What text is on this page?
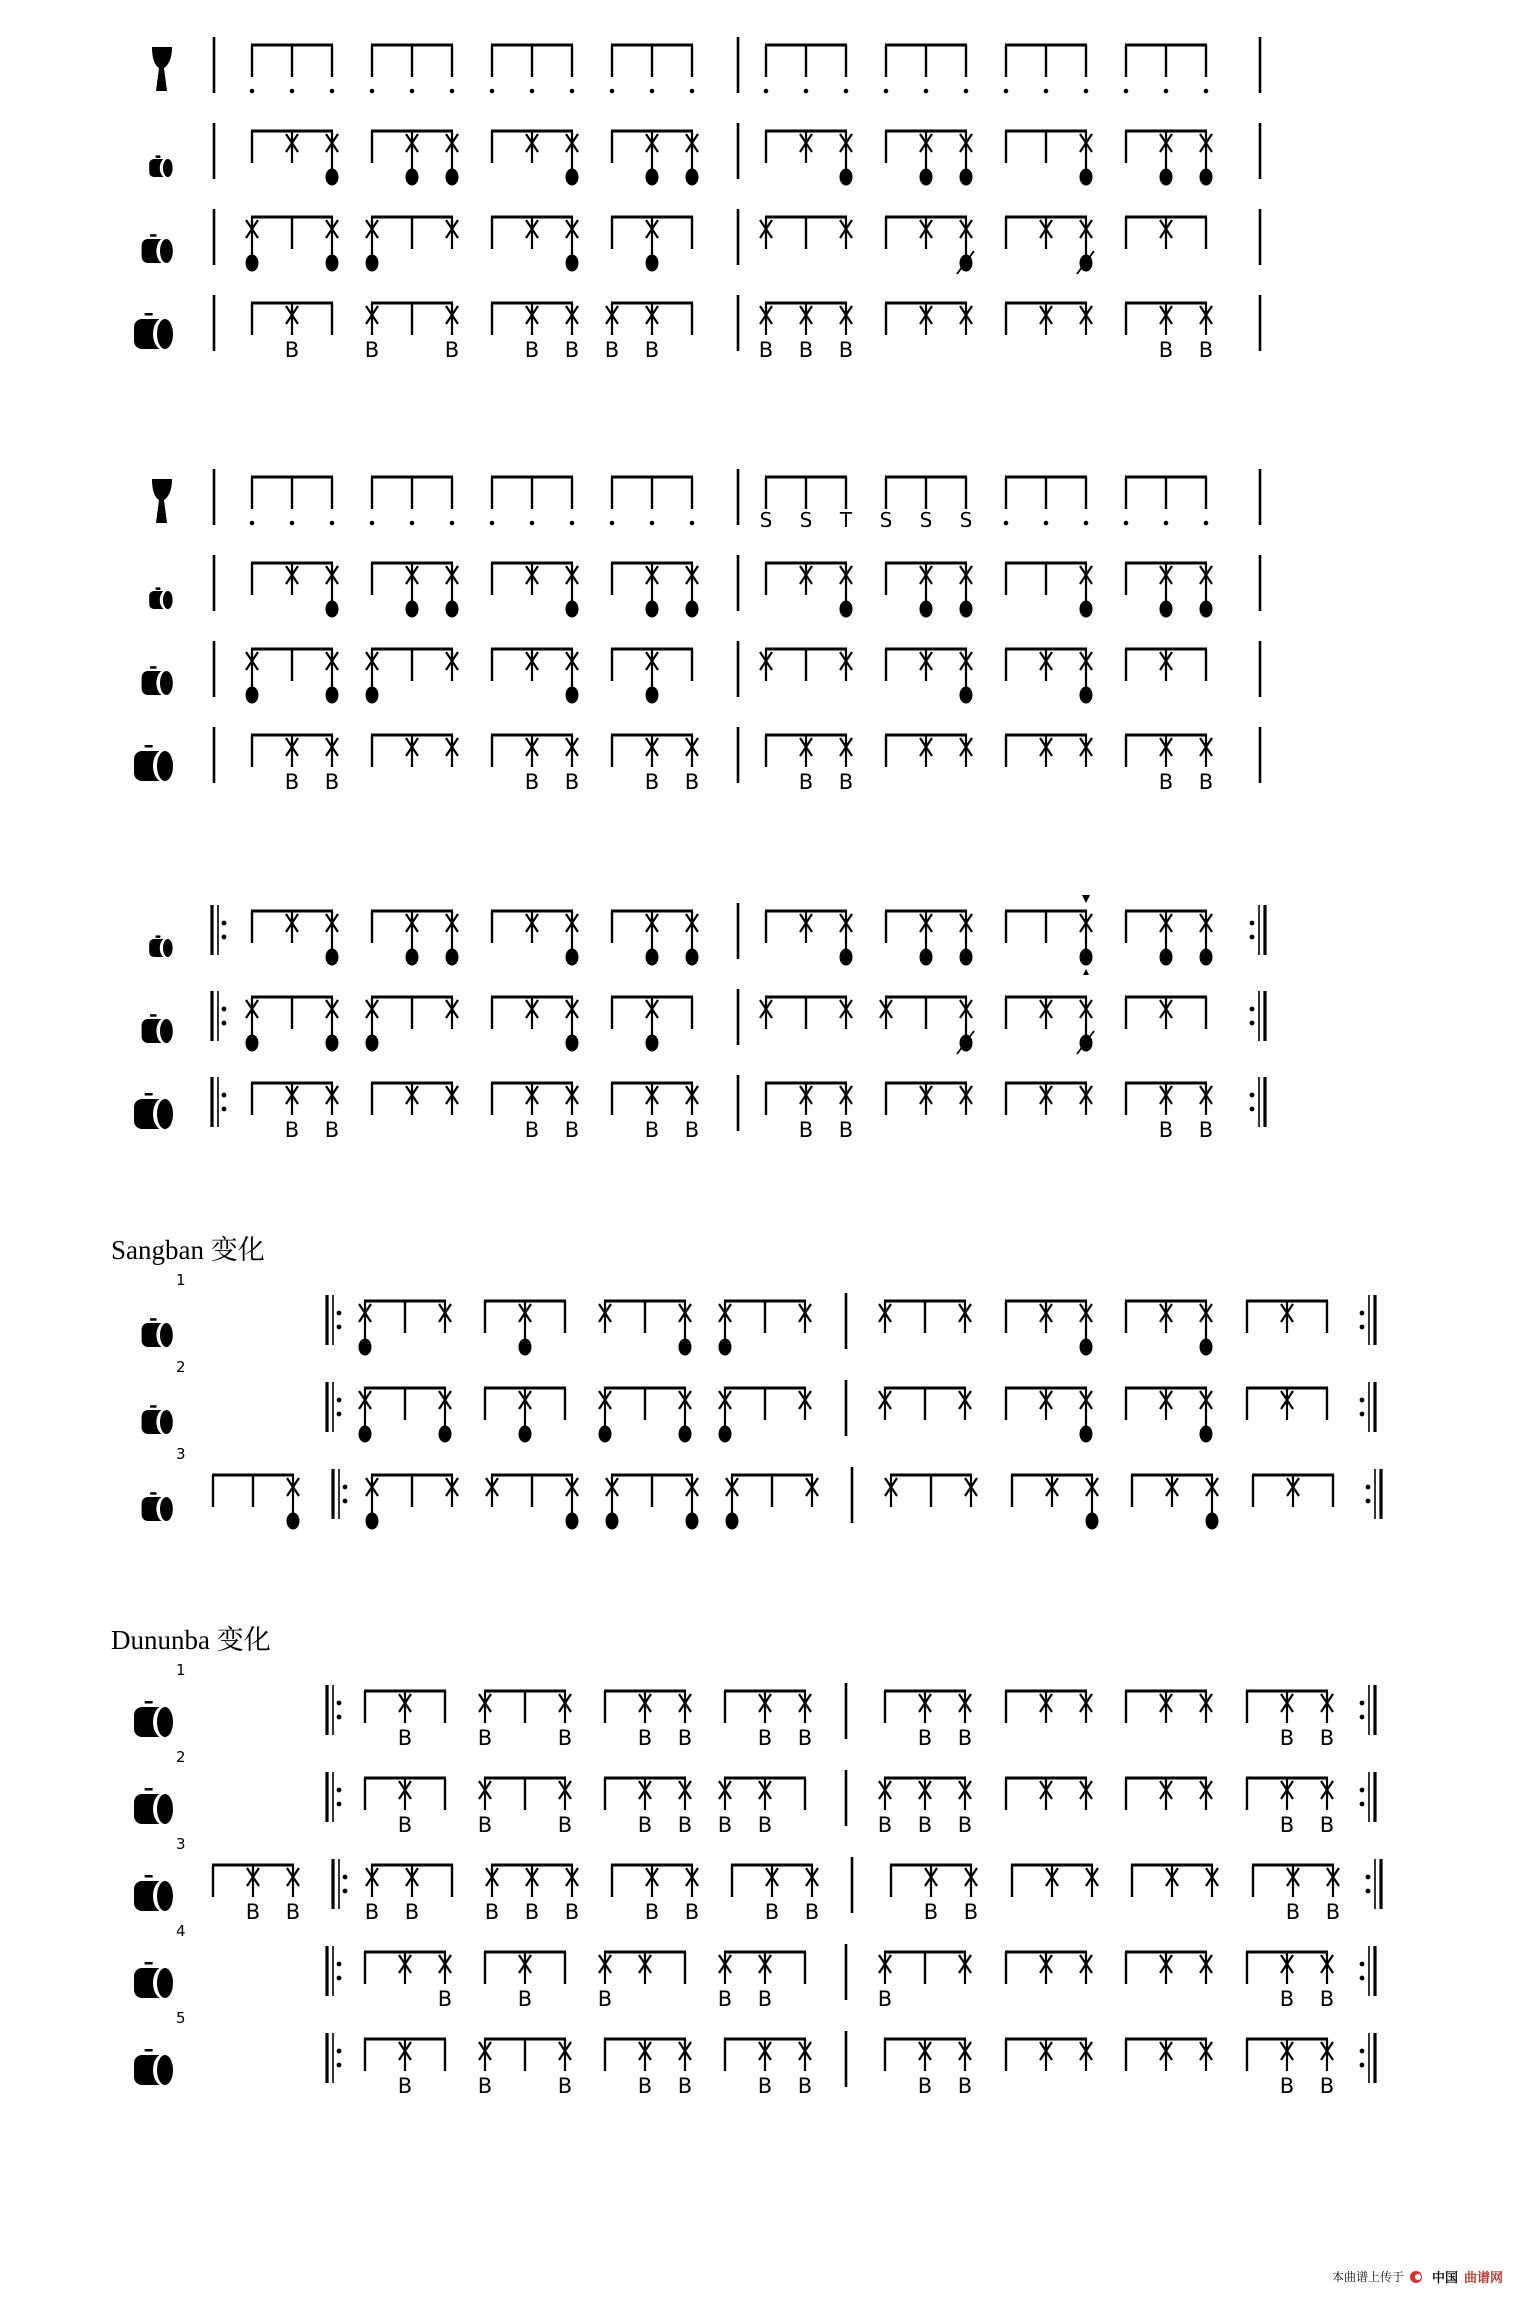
B	B	B	B B B B	B B B	B B
S S T S S S
B B	B B	B B	B B	B B
B B	B B	B B	B B	B B
1
2
3
1
B	B	B	B B	B B	B B	B B
2
B	B	B	B B B B	B B B	B B
3
B B	B B	B B B	B B	B B	B B	B B
4
B	B	B	B B	B	B B
5
B	B	B	B B	B B	B B	B B
Sangban 变化
Dununba 变化
本曲谱上传于 中国 曲谱网
